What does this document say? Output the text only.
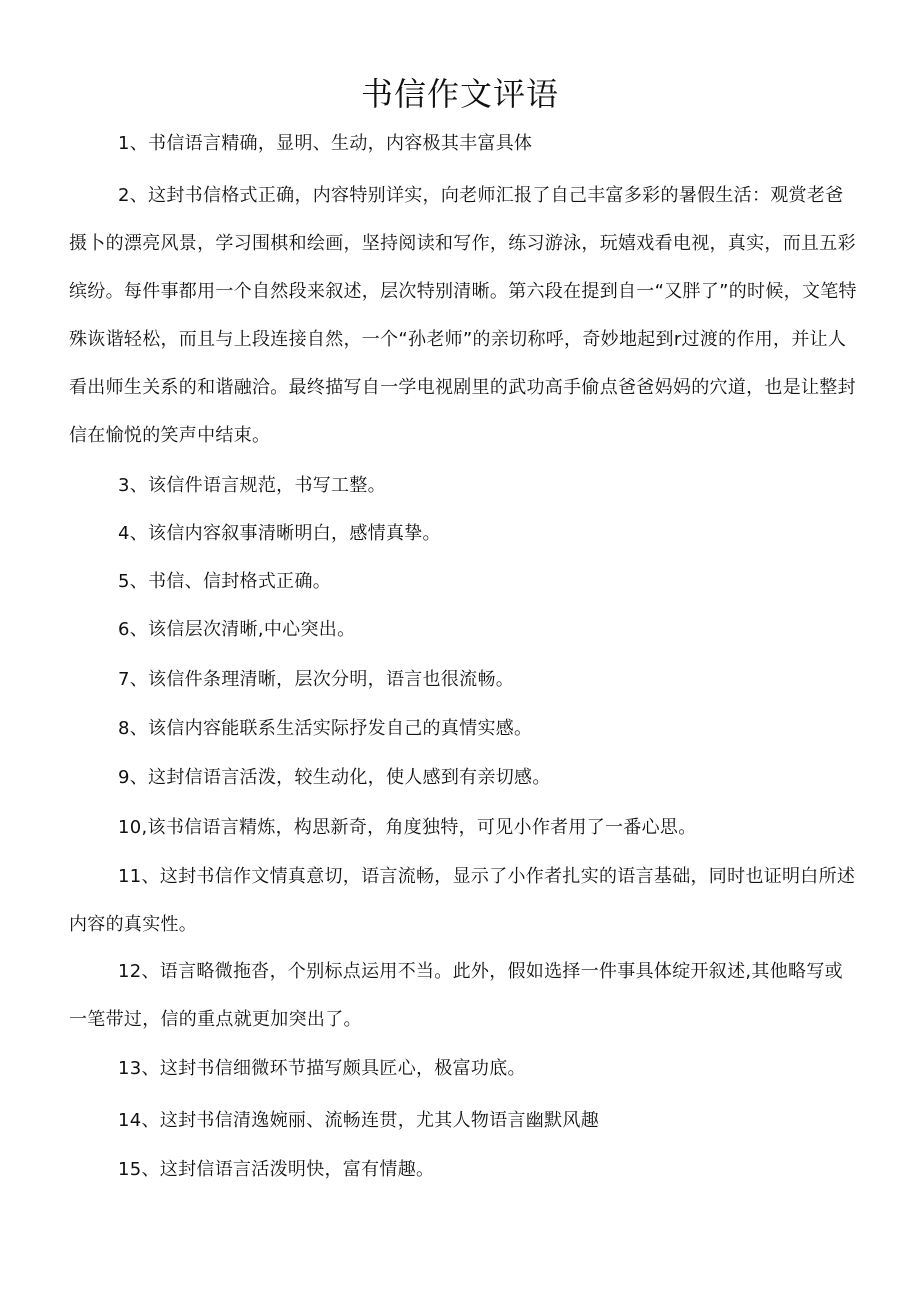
书信作文评语

1、书信语言精确，显明、生动，内容极其丰富具体

2、这封书信格式正确，内容特别详实，向老师汇报了自己丰富多彩的暑假生活：观赏老爸摄卜的漂亮风景，学习围棋和绘画，坚持阅读和写作，练习游泳，玩嬉戏看电视，真实，而且五彩缤纷。每件事都用一个自然段来叙述，层次特别清晰。第六段在提到自一“又胖了”的时候，文笔特殊诙谐轻松，而且与上段连接自然，一个“孙老师”的亲切称呼，奇妙地起到r过渡的作用，并让人看出师生关系的和谐融洽。最终描写自一学电视剧里的武功高手偷点爸爸妈妈的穴道，也是让整封信在愉悦的笑声中结束。

3、该信件语言规范，书写工整。

4、该信内容叙事清晰明白，感情真挚。

5、书信、信封格式正确。

6、该信层次清晰,中心突出。

7、该信件条理清晰，层次分明，语言也很流畅。

8、该信内容能联系生活实际抒发自己的真情实感。

9、这封信语言活泼，较生动化，使人感到有亲切感。

10,该书信语言精炼，构思新奇，角度独特，可见小作者用了一番心思。

11、这封书信作文情真意切，语言流畅，显示了小作者扎实的语言基础，同时也证明白所述内容的真实性。

12、语言略微拖沓，个别标点运用不当。此外，假如选择一件事具体绽开叙述,其他略写或一笔带过，信的重点就更加突出了。

13、这封书信细微环节描写颇具匠心，极富功底。

14、这封书信清逸婉丽、流畅连贯，尤其人物语言幽默风趣

15、这封信语言活泼明快，富有情趣。
